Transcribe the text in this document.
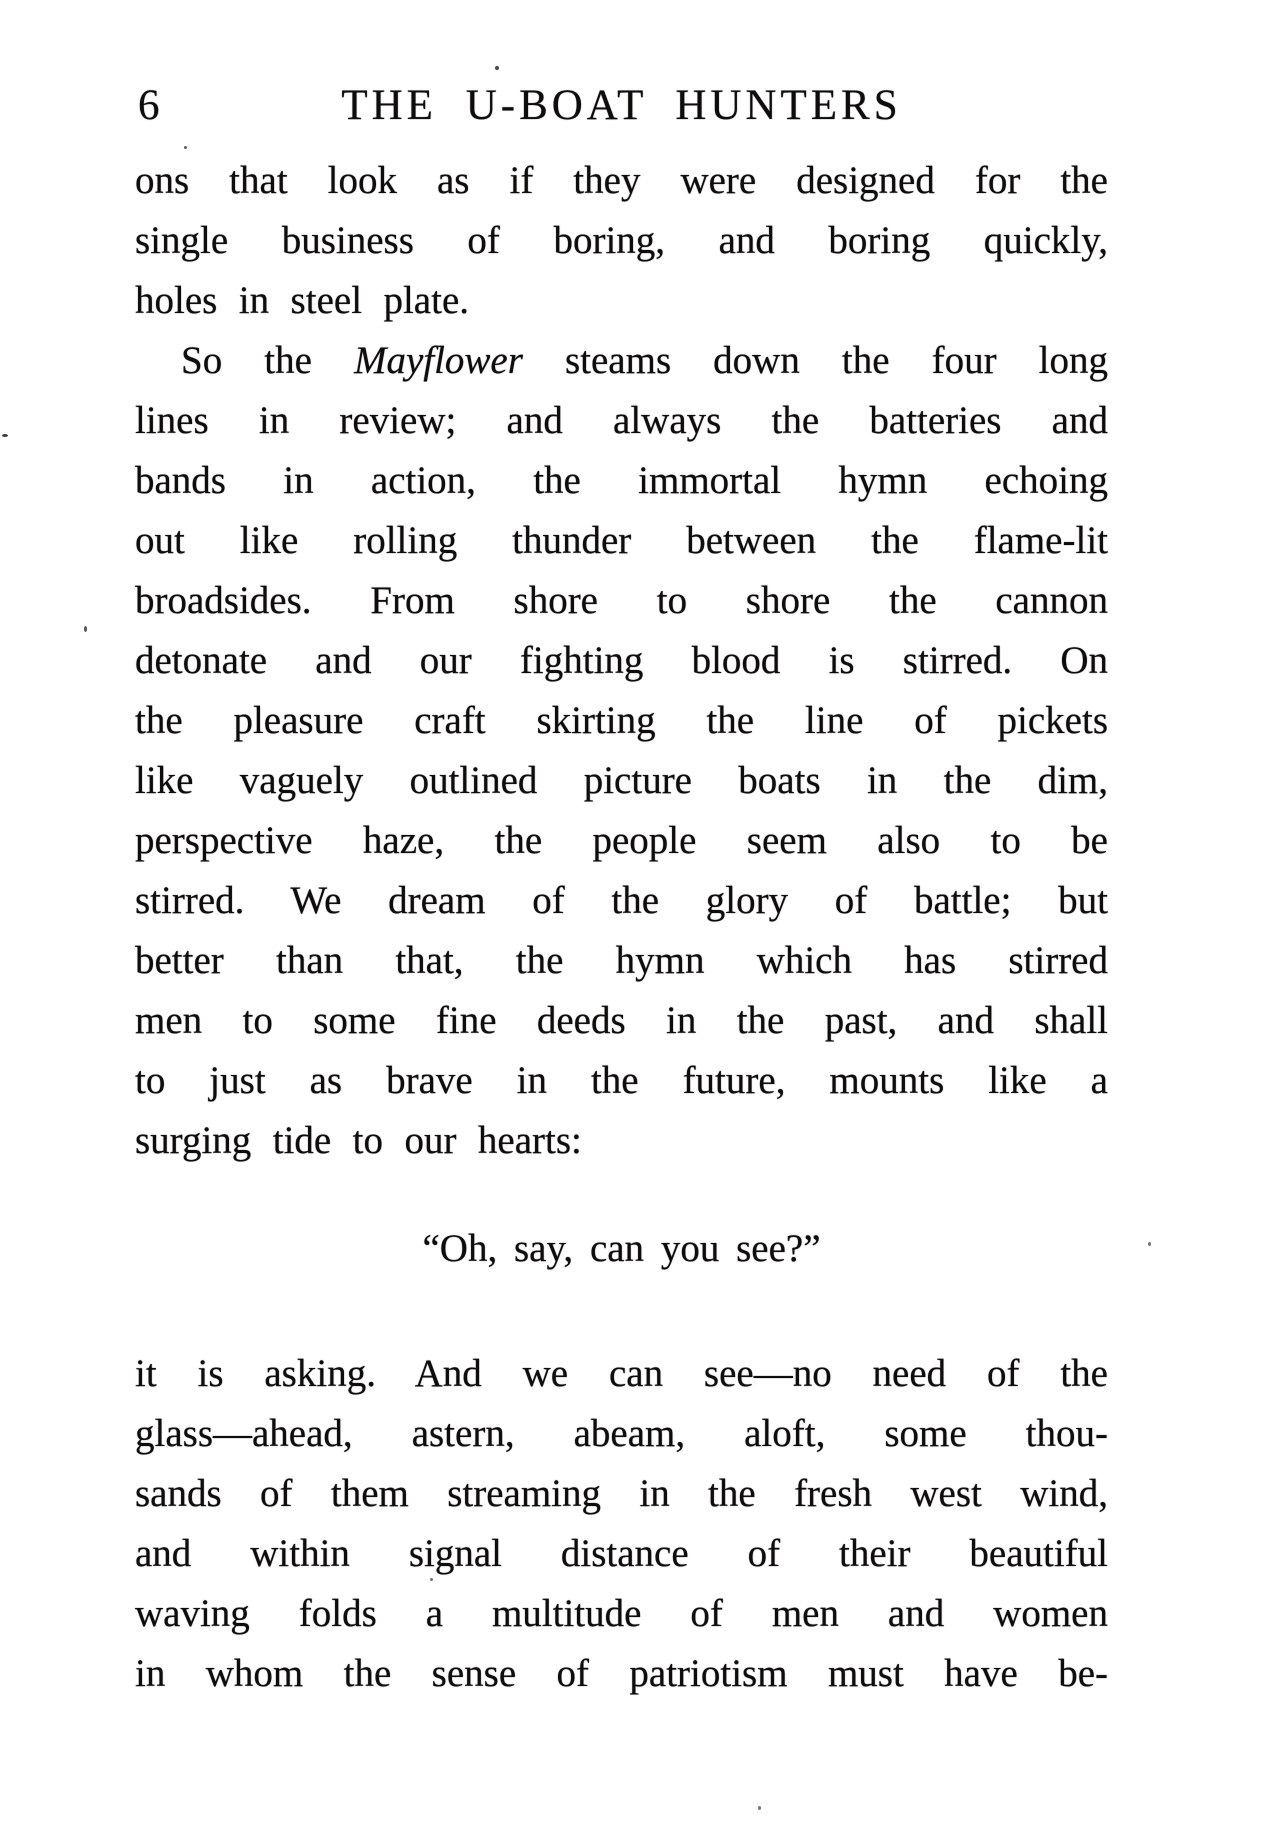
6	THE U-BOAT HUNTERS
ons that look as if they were designed for the
single business of boring, and boring quickly,
holes in steel plate.
So the Mayflower steams down the four long
lines in review; and always the batteries and
bands in action, the immortal hymn echoing
out like rolling thunder between the flame-lit
broadsides. From shore to shore the cannon
detonate and our fighting blood is stirred. On
the pleasure craft skirting the line of pickets
like vaguely outlined picture boats in the dim,
perspective haze, the people seem also to be
stirred. We dream of the glory of battle; but
better than that, the hymn which has stirred
men to some fine deeds in the past, and shall
to just as brave in the future, mounts like a
surging tide to our hearts:
“Oh, say, can you see?”
it is asking. And we can see—no need of the
glass—ahead, astern, abeam, aloft, some thou-
sands of them streaming in the fresh west wind,
and within signal distance of their beautiful
waving folds a multitude of men and women
in whom the sense of patriotism must have be-
